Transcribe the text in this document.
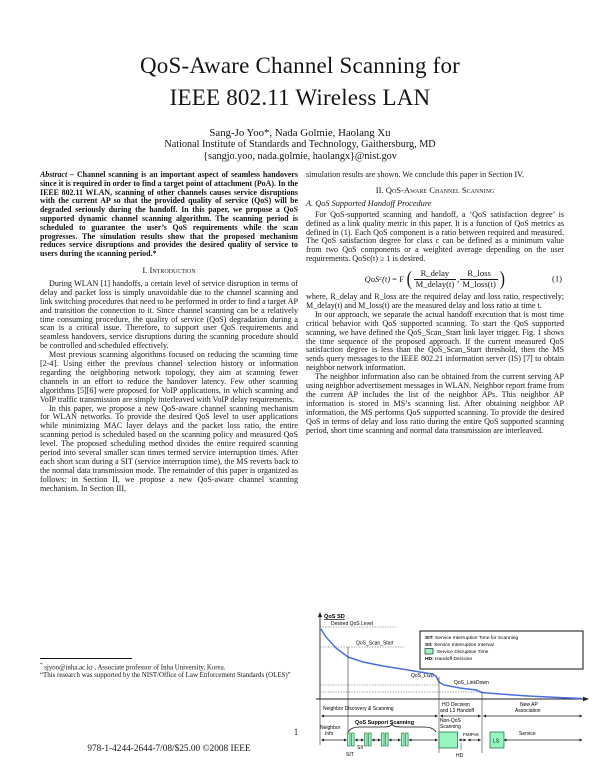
QoS-Aware Channel Scanning for
IEEE 802.11 Wireless LAN
Sang-Jo Yoo*, Nada Golmie, Haolang Xu
National Institute of Standards and Technology, Gaithersburg, MD
{sangjo.yoo, nada.golmie, haolangx}@nist.gov
Abstract – Channel scanning is an important aspect of seamless handovers since it is required in order to find a target point of attachment (PoA). In the IEEE 802.11 WLAN, scanning of other channels causes service disruptions with the current AP so that the provided quality of service (QoS) will be degraded seriously during the handoff. In this paper, we propose a QoS supported dynamic channel scanning algorithm. The scanning period is scheduled to guarantee the user’s QoS requirements while the scan progresses. The simulation results show that the proposed mechanism reduces service disruptions and provides the desired quality of service to users during the scanning period.*
I. Introduction

During WLAN [1] handoffs, a certain level of service disruption in terms of delay and packet loss is simply unavoidable due to the channel scanning and link switching procedures that need to be performed in order to find a target AP and transition the connection to it. Since channel scanning can be a relatively time consuming procedure, the quality of service (QoS) degradation during a scan is a critical issue. Therefore, to support user QoS requirements and seamless handovers, service disruptions during the scanning procedure should be controlled and scheduled effectively.

Most previous scanning algorithms focused on reducing the scanning time [2-4]. Using either the previous channel selection history or information regarding the neighboring network topology, they aim at scanning fewer channels in an effort to reduce the handover latency. Few other scanning algorithms [5][6] were proposed for VoIP applications, in which scanning and VoIP traffic transmission are simply interleaved with VoIP delay requirements.

In this paper, we propose a new QoS-aware channel scanning mechanism for WLAN networks. To provide the desired QoS level to user applications while minimizing MAC layer delays and the packet loss ratio, the entire scanning period is scheduled based on the scanning policy and measured QoS level. The proposed scheduling method divides the entire required scanning period into several smaller scan times termed service interruption times. After each short scan during a SIT (service interruption time), the MS reverts back to the normal data transmission mode. The remainder of this paper is organized as follows: in Section II, we propose a new QoS-aware channel scanning mechanism. In Section III,

simulation results are shown. We conclude this paper in Section IV.

II. QoS-Aware Channel Scanning
A. QoS Supported Handoff Procedure

For QoS-supported scanning and handoff, a ‘QoS satisfaction degree’ is defined as a link quality metric in this paper. It is a function of QoS metrics as defined in (1). Each QoS component is a ratio between required and measured. The QoS satisfaction degree for class c can be defined as a minimum value from two QoS components or a weighted average depending on the user requirements. QoSc(t) ≥ 1 is desired.

QoS c (t) = F ( $\frac{\text{R\_delay}}{\text{M\_delay(t)}}$ , $\frac{\text{R\_loss}}{\text{M\_loss(t)}}$ )	(1)

where, R_delay and R_loss are the required delay and loss ratio, respectively; M_delay(t) and M_loss(t) are the measured delay and loss ratio at time t.

In our approach, we separate the actual handoff execution that is most time critical behavior with QoS supported scanning. To start the QoS supported scanning, we have defined the QoS_Scan_Start link layer trigger. Fig. 1 shows the time sequence of the proposed approach. If the current measured QoS satisfaction degree is less than the QoS_Scan_Start threshold, then the MS sends query messages to the IEEE 802.21 information server (IS) [7] to obtain neighbor network information.

The neighbor information also can be obtained from the current serving AP using neighbor advertisement messages in WLAN. Neighbor report frame from the current AP includes the list of the neighbor APs. This neighbor AP information is stored in MS’s scanning list. After obtaining neighbor AP information, the MS performs QoS supported scanning. To provide the desired QoS in terms of delay and loss ratio during the entire QoS supported scanning period, short time scanning and normal data transmission are interleaved.

QoS SD
Desired QoS Level
QoS_Scan_Start
QoS_LGD
QoS_LinkDown
SIT: Service Interruption Time for Scanning
SII: Service Interruption Interval
: Service Disruption Time
HD: Handoff Decision
Neighbor Discovery & Scanning
HO Decision
and L3 Handoff
New AP
Association
Neighbor
Info
QoS Support Scanning	Non-QoS
Scanning
SIT
SII
HD
FMIPv6
LS
Service
* sjyoo@inha.ac.kr , Associate professor of Inha University, Korea.
“This research was supported by the NIST/Office of Law Enforcement Standards (OLES)”
978-1-4244-2644-7/08/$25.00 ©2008 IEEE
1
